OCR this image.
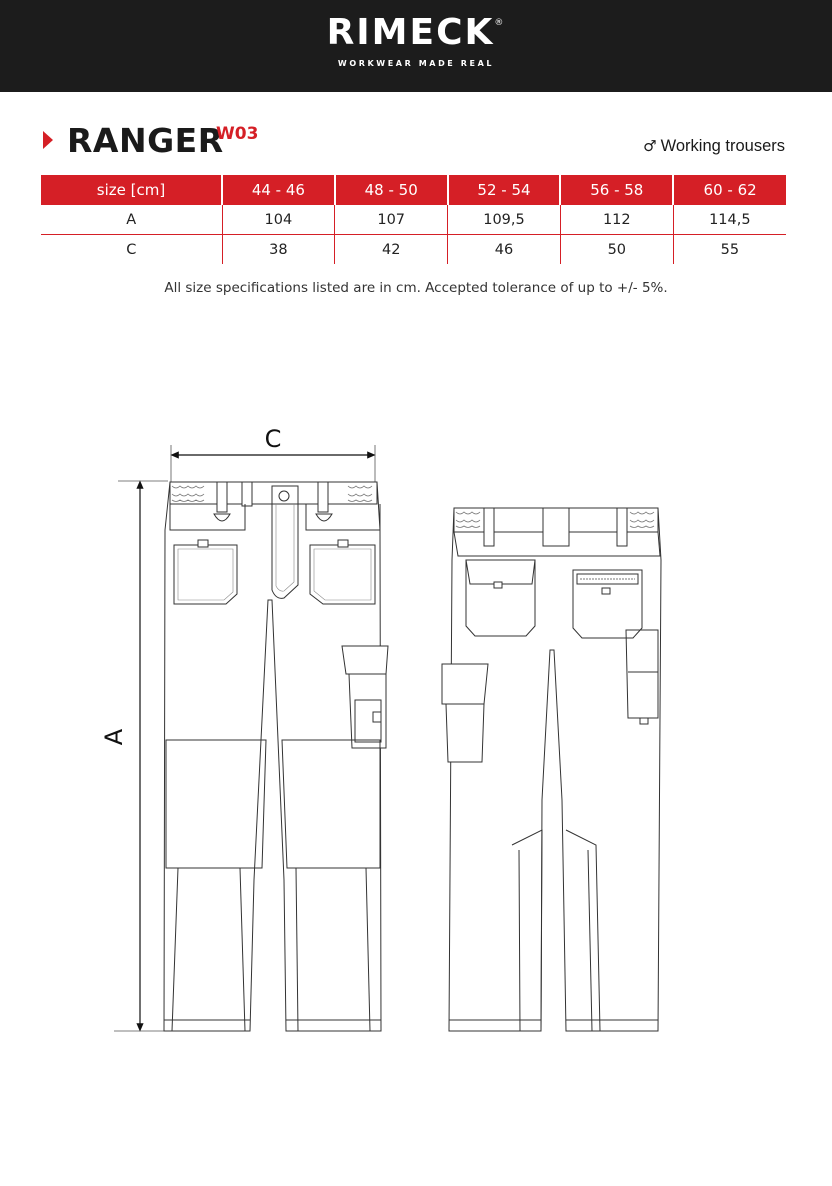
RIMECK®
WORKWEAR MADE REAL
RANGER
W03
♂ Working trousers
size [cm]	44 - 46	48 - 50	52 - 54	56 - 58	60 - 62
A	104	107	109,5	112	114,5
C	38	42	46	50	55
All size specifications listed are in cm. Accepted tolerance of up to +/- 5%.
C
A
